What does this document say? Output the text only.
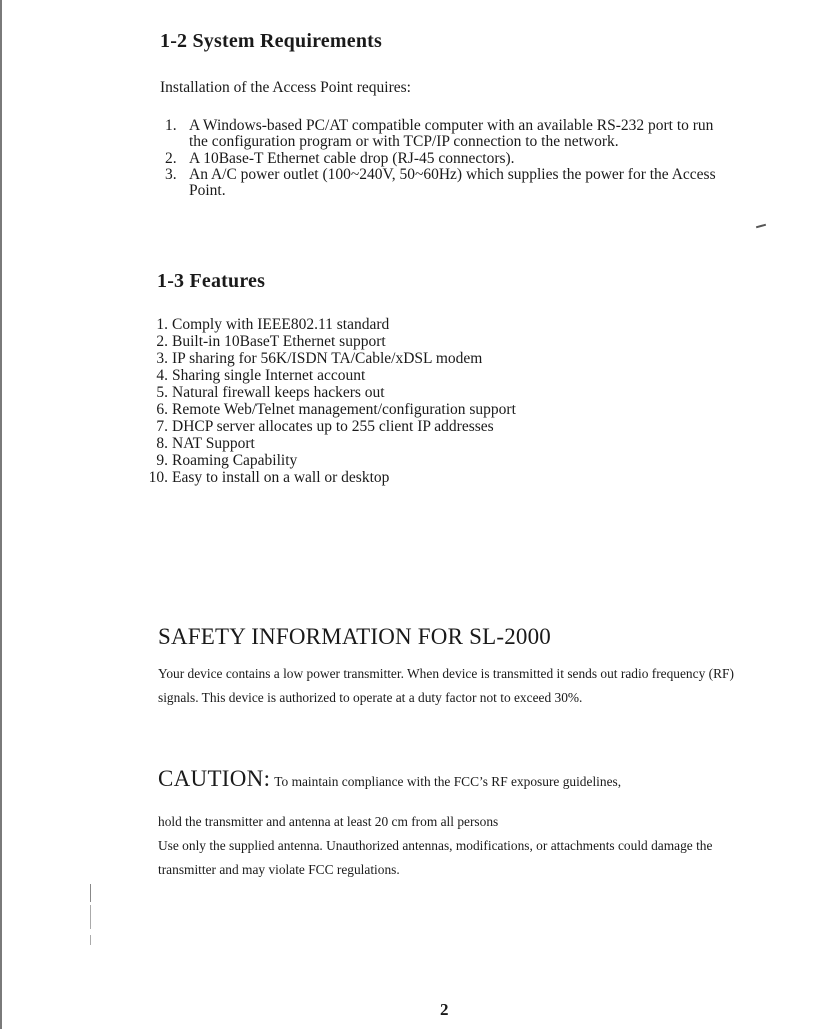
1-2 System Requirements

Installation of the Access Point requires:

1. A Windows-based PC/AT compatible computer with an available RS-232 port to run the configuration program or with TCP/IP connection to the network.
2. A 10Base-T Ethernet cable drop (RJ-45 connectors).
3. An A/C power outlet (100~240V, 50~60Hz) which supplies the power for the Access Point.
1-3 Features
1. Comply with IEEE802.11 standard
2. Built-in 10BaseT Ethernet support
3. IP sharing for 56K/ISDN TA/Cable/xDSL modem
4. Sharing single Internet account
5. Natural firewall keeps hackers out
6. Remote Web/Telnet management/configuration support
7. DHCP server allocates up to 255 client IP addresses
8. NAT Support
9. Roaming Capability
10. Easy to install on a wall or desktop
SAFETY INFORMATION FOR SL-2000

Your device contains a low power transmitter. When device is transmitted it sends out radio frequency (RF) signals. This device is authorized to operate at a duty factor not to exceed 30%.

CAUTION: To maintain compliance with the FCC’s RF exposure guidelines,

hold the transmitter and antenna at least 20 cm from all persons
Use only the supplied antenna. Unauthorized antennas, modifications, or attachments could damage the transmitter and may violate FCC regulations.

2
